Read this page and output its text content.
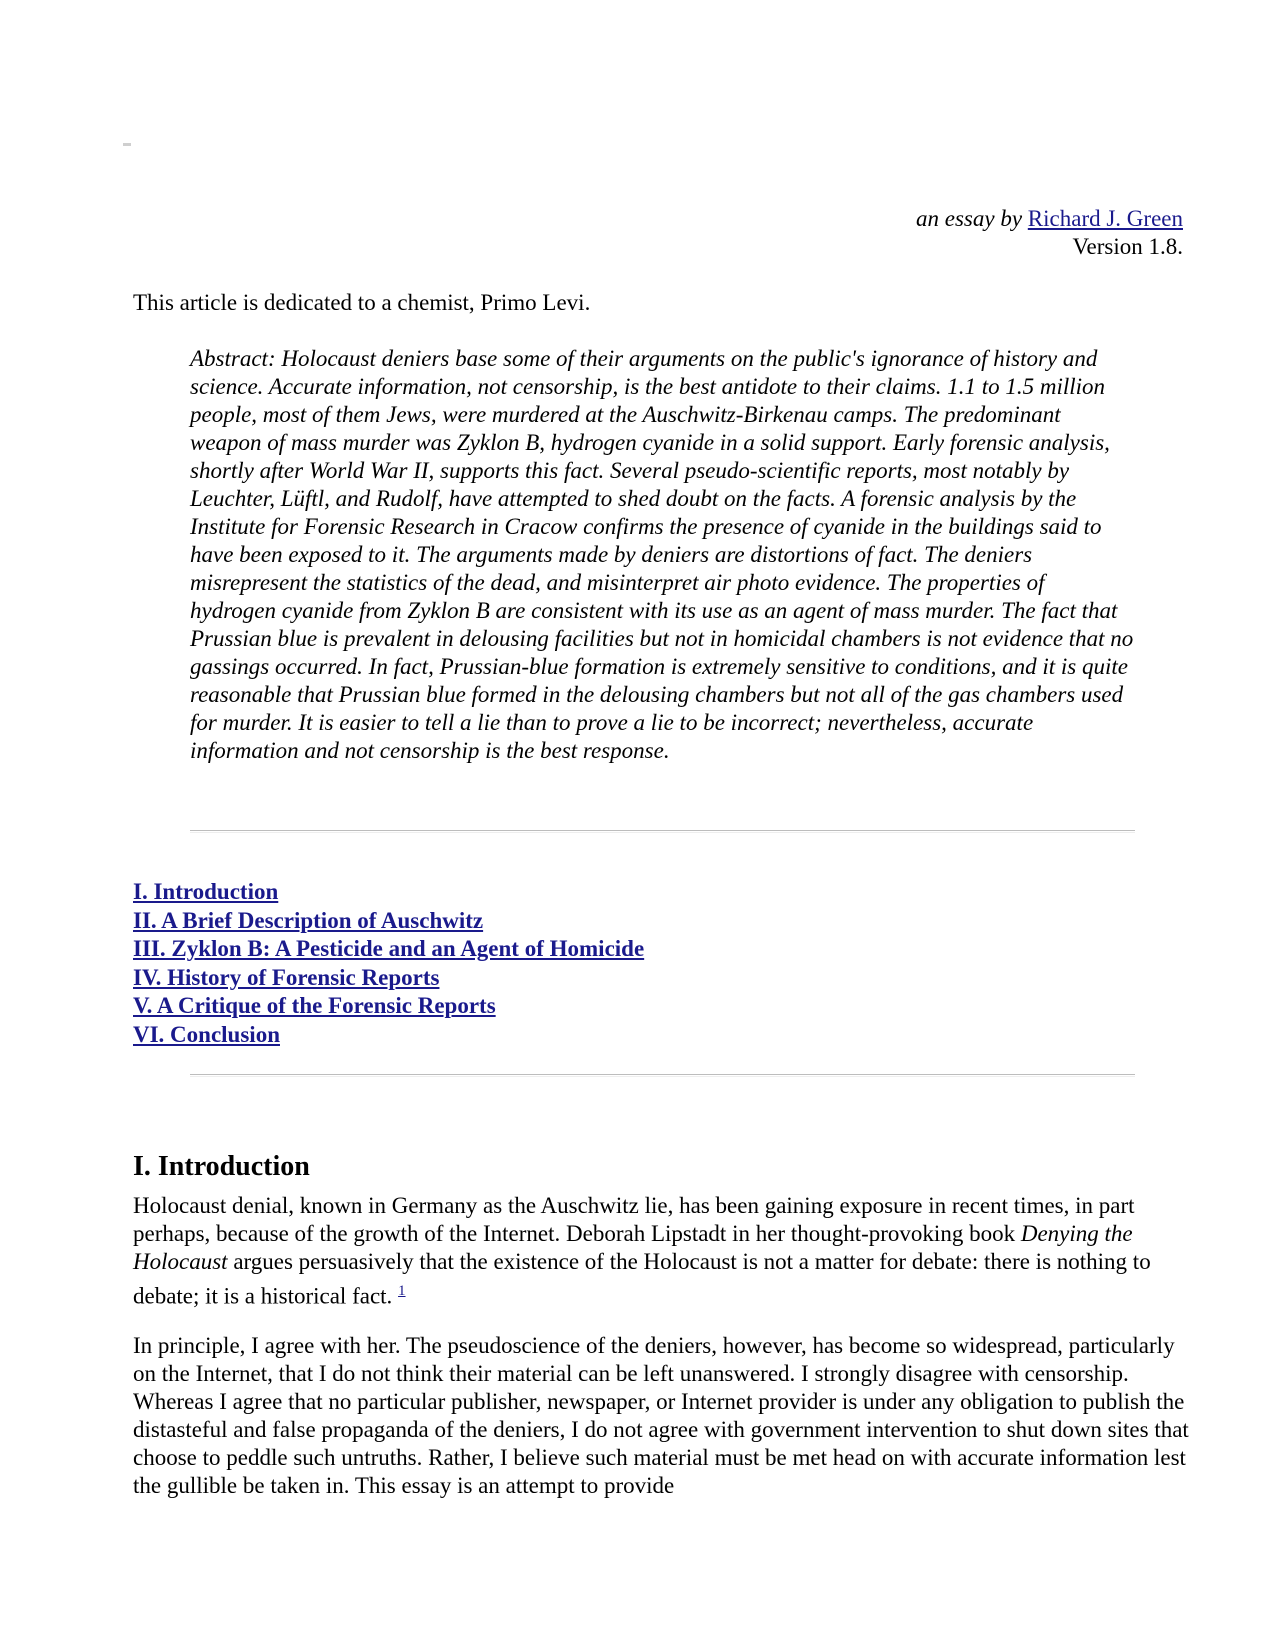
an essay by Richard J. Green
Version 1.8.
This article is dedicated to a chemist, Primo Levi.
Abstract: Holocaust deniers base some of their arguments on the public's ignorance of history and science. Accurate information, not censorship, is the best antidote to their claims. 1.1 to 1.5 million people, most of them Jews, were murdered at the Auschwitz-Birkenau camps. The predominant weapon of mass murder was Zyklon B, hydrogen cyanide in a solid support. Early forensic analysis, shortly after World War II, supports this fact. Several pseudo-scientific reports, most notably by Leuchter, Lüftl, and Rudolf, have attempted to shed doubt on the facts. A forensic analysis by the Institute for Forensic Research in Cracow confirms the presence of cyanide in the buildings said to have been exposed to it. The arguments made by deniers are distortions of fact. The deniers misrepresent the statistics of the dead, and misinterpret air photo evidence. The properties of hydrogen cyanide from Zyklon B are consistent with its use as an agent of mass murder. The fact that Prussian blue is prevalent in delousing facilities but not in homicidal chambers is not evidence that no gassings occurred. In fact, Prussian-blue formation is extremely sensitive to conditions, and it is quite reasonable that Prussian blue formed in the delousing chambers but not all of the gas chambers used for murder. It is easier to tell a lie than to prove a lie to be incorrect; nevertheless, accurate information and not censorship is the best response.
I. Introduction
II. A Brief Description of Auschwitz
III. Zyklon B: A Pesticide and an Agent of Homicide
IV. History of Forensic Reports
V. A Critique of the Forensic Reports
VI. Conclusion
I. Introduction

Holocaust denial, known in Germany as the Auschwitz lie, has been gaining exposure in recent times, in part perhaps, because of the growth of the Internet. Deborah Lipstadt in her thought-provoking book Denying the Holocaust argues persuasively that the existence of the Holocaust is not a matter for debate: there is nothing to debate; it is a historical fact. $^1$

In principle, I agree with her. The pseudoscience of the deniers, however, has become so widespread, particularly on the Internet, that I do not think their material can be left unanswered. I strongly disagree with censorship. Whereas I agree that no particular publisher, newspaper, or Internet provider is under any obligation to publish the distasteful and false propaganda of the deniers, I do not agree with government intervention to shut down sites that choose to peddle such untruths. Rather, I believe such material must be met head on with accurate information lest the gullible be taken in. This essay is an attempt to provide
